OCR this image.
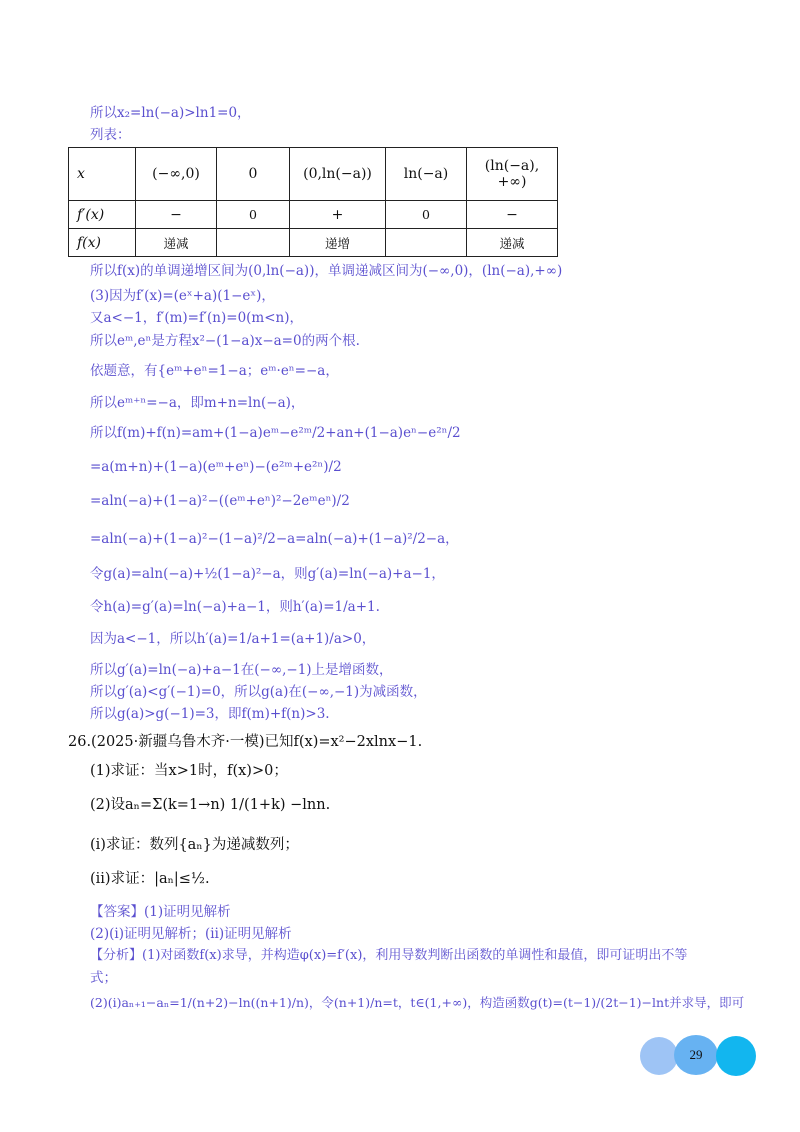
所以x₂=ln(−a)>ln1=0，
列表：
x	(−∞,0)	0	(0,ln(−a))	ln(−a)	(ln(−a),
+∞)

f′(x)	−	0	+	0	−
f(x)	递减		递增		递减
所以f(x)的单调递增区间为(0,ln(−a))，单调递减区间为(−∞,0)，(ln(−a),+∞)
(3)因为f′(x)=(eˣ+a)(1−eˣ)，
又a<−1，f′(m)=f′(n)=0(m<n)，
所以eᵐ,eⁿ是方程x²−(1−a)x−a=0的两个根.
依题意，有{eᵐ+eⁿ=1−a；eᵐ·eⁿ=−a，
所以eᵐ⁺ⁿ=−a，即m+n=ln(−a)，
所以f(m)+f(n)=am+(1−a)eᵐ−e²ᵐ/2+an+(1−a)eⁿ−e²ⁿ/2
=a(m+n)+(1−a)(eᵐ+eⁿ)−(e²ᵐ+e²ⁿ)/2
=aln(−a)+(1−a)²−((eᵐ+eⁿ)²−2eᵐeⁿ)/2
=aln(−a)+(1−a)²−(1−a)²/2−a=aln(−a)+(1−a)²/2−a，
令g(a)=aln(−a)+½(1−a)²−a，则g′(a)=ln(−a)+a−1，
令h(a)=g′(a)=ln(−a)+a−1，则h′(a)=1/a+1.
因为a<−1，所以h′(a)=1/a+1=(a+1)/a>0，
所以g′(a)=ln(−a)+a−1在(−∞,−1)上是增函数，
所以g′(a)<g′(−1)=0，所以g(a)在(−∞,−1)为减函数，
所以g(a)>g(−1)=3，即f(m)+f(n)>3.
26.(2025·新疆乌鲁木齐·一模)已知f(x)=x²−2xlnx−1.
(1)求证：当x>1时，f(x)>0；
(2)设aₙ=Σ(k=1→n) 1/(1+k) −lnn.
(ⅰ)求证：数列{aₙ}为递减数列；
(ⅱ)求证：|aₙ|≤½.
【答案】(1)证明见解析
(2)(ⅰ)证明见解析；(ⅱ)证明见解析
【分析】(1)对函数f(x)求导，并构造φ(x)=f′(x)，利用导数判断出函数的单调性和最值，即可证明出不等
式；
(2)(ⅰ)aₙ₊₁−aₙ=1/(n+2)−ln((n+1)/n)，令(n+1)/n=t，t∈(1,+∞)，构造函数g(t)=(t−1)/(2t−1)−lnt并求导，即可
29
